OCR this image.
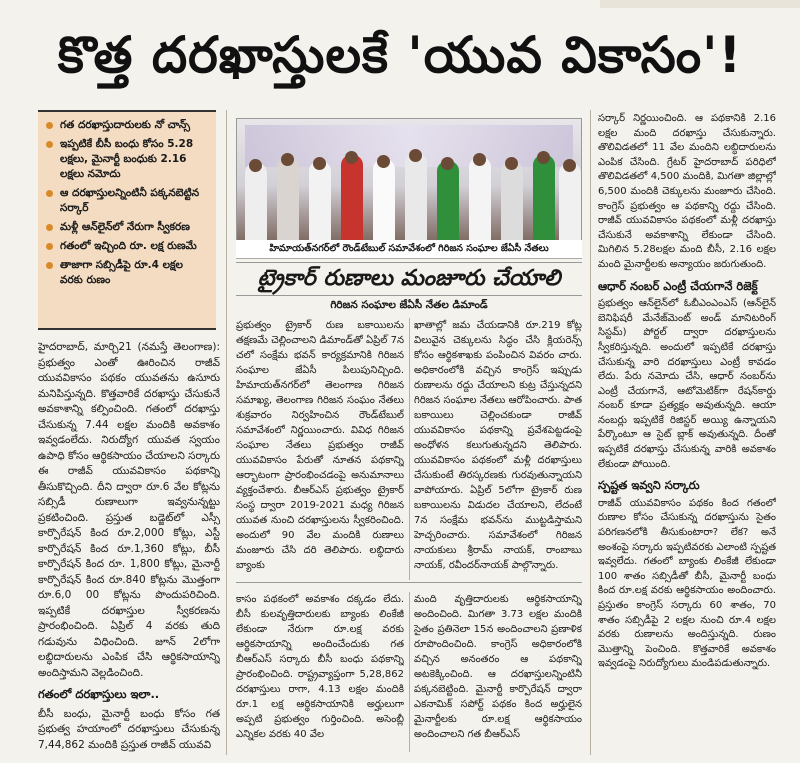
కొత్త దరఖాస్తులకే 'యువ వికాసం'!
గత దరఖాస్తుదారులకు నో చాన్స్
ఇప్పటికే బీసీ బంధు కోసం 5.28 లక్షలు, మైనార్టీ బంధుకు 2.16 లక్షలు నమోదు
ఆ దరఖాస్తులన్నింటినీ పక్కనబెట్టిన సర్కార్
మళ్లీ ఆన్‌లైన్‌లో నేరుగా స్వీకరణ
గతంలో ఇచ్చింది రూ. లక్ష రుణమే
తాజాగా సబ్సిడీపై రూ.4 లక్షల వరకు రుణం

హైదరాబాద్, మార్చి21 (నమస్తే తెలంగాణ): ప్రభుత్వం ఎంతో ఊరించిన రాజీవ్ యువవికాసం పథకం యువతను ఉసూరు మనిపిస్తున్నది. కొత్తవారికే దరఖాస్తు చేసుకునే అవకాశాన్ని కల్పించింది. గతంలో దరఖాస్తు చేసుకున్న 7.44 లక్షల మందికి అవకాశం ఇవ్వడంలేదు. నిరుద్యోగ యువత స్వయం ఉపాధి కోసం ఆర్థికసాయం చేయాలని సర్కారు ఈ రాజీవ్ యువవికాసం పథకాన్ని తీసుకొచ్చింది. దీని ద్వారా రూ.6 వేల కోట్లను సబ్సిడీ రుణాలుగా ఇవ్వనున్నట్టు ప్రకటించింది. ప్రస్తుత బడ్జెట్‌లో ఎస్సీ కార్పొరేషన్ కింద రూ.2,000 కోట్లు, ఎస్టీ కార్పొరేషన్ కింద రూ.1,360 కోట్లు, బీసీ కార్పొరేషన్ కింద రూ. 1,800 కోట్లు, మైనార్టీ కార్పొరేషన్ కింద రూ.840 కోట్లను మొత్తంగా రూ.6,0 00 కోట్లను పొందుపరిచింది. ఇప్పటికే దరఖాస్తుల స్వీకరణను ప్రారంభించింది. ఏప్రిల్ 4 వరకు తుది గడువును విధించింది. జూన్ 2లోగా లబ్ధిదారులను ఎంపిక చేసి ఆర్థికసాయాన్ని అందిస్తామని వెల్లడించింది.

గతంలో దరఖాస్తులు ఇలా..

బీసీ బంధు, మైనార్టీ బంధు కోసం గత ప్రభుత్వ హయాంలో దరఖాస్తులు చేసుకున్న 7,44,862 మందికి ప్రస్తుత రాజీవ్ యువవి

హిమాయత్‌నగర్‌లో రౌండ్‌టేబుల్ సమావేశంలో గిరిజన సంఘాల జేఏసీ నేతలు
ట్రైకార్ రుణాలు మంజూరు చేయాలి
గిరిజన సంఘాల జేఏసీ నేతల డిమాండ్

ప్రభుత్వం ట్రైకార్ రుణ బకాయిలను తక్షణమే చెల్లించాలని డిమాండ్‌తో ఏప్రిల్ 7న చలో సంక్షేమ భవన్ కార్యక్రమానికి గిరిజన సంఘాల జేఏసీ పిలుపునిచ్చింది. హిమాయత్‌నగర్‌లో తెలంగాణ గిరిజన సమాఖ్య, తెలంగాణ గిరిజన సంఘం నేతలు శుక్రవారం నిర్వహించిన రౌండ్‌టేబుల్ సమావేశంలో నిర్ణయించారు. వివిధ గిరిజన సంఘాల నేతలు ప్రభుత్వం రాజీవ్ యువవికాసం పేరుతో నూతన పథకాన్ని ఆర్భాటంగా ప్రారంభించడంపై అనుమానాలు వ్యక్తంచేశారు. బీఆర్‌ఎస్ ప్రభుత్వం ట్రైకార్ సంస్థ ద్వారా 2019-2021 మధ్య గిరిజన యువత నుంచి దరఖాస్తులను స్వీకరించింది. అందులో 90 వేల మందికి రుణాలు మంజూరు చేసి దరి తెలిపారు. లబ్ధిదారు బ్యాంకు

ఖాతాల్లో జమ చేయడానికి రూ.219 కోట్ల విలువైన చెక్కులను సిద్ధం చేసి క్లియరెన్స్ కోసం ఆర్థికశాఖకు పంపించిన వివరం చారు. అధికారంలోకి వచ్చిన కాంగ్రెస్ ఇప్పుడు రుణాలను రద్దు చేయాలని కుట్ర చేస్తున్నదని గిరిజన సంఘాల నేతలు ఆరోపించారు. పాత బకాయిలు చెల్లించకుండా రాజీవ్ యువవికాసం పథకాన్ని ప్రవేశపెట్టడంపై అంధోళన కలుగుతున్నదని తెలిపారు. యువవికాసం పథకంలో మళ్లీ దరఖాస్తులు చేసుకుంటే తిరస్కరణకు గురవుతున్నాయని వాపోయారు. ఏప్రిల్ 5లోగా ట్రైకార్ రుణ బకాయిలను విడుదల చేయాలని, లేదంటే 7న సంక్షేమ భవన్‌ను ముట్టడిస్తామని హెచ్చరించారు. సమావేశంలో గిరిజన నాయకులు శ్రీరామ్ నాయక్, రాంబాబు నాయక్, రవీందర్‌నాయక్ పాల్గొన్నారు.

కాసం పథకంలో అవకాశం దక్కడం లేదు. బీసీ కులవృత్తిదారులకు బ్యాంకు లింకేజీ లేకుండా నేరుగా రూ.లక్ష వరకు ఆర్థికసాయాన్ని అందించేందుకు గత బీఆర్‌ఎస్ సర్కారు బీసీ బంధు పథకాన్ని ప్రారంభించింది. రాష్ట్రవ్యాప్తంగా 5,28,862 దరఖాస్తులు రాగా, 4.13 లక్షల మందికి రూ.1 లక్ష ఆర్థికసాయానికి అర్హులుగా అప్పటి ప్రభుత్వం గుర్తించింది. అసెంబ్లీ ఎన్నికల వరకు 40 వేల

మంది వృత్తిదారులకు ఆర్థికసాయాన్ని అందించింది. మిగతా 3.73 లక్షల మందికి సైతం ప్రతినెలా 15న అందించాలని ప్రణాళిక రూపొందించింది. కాంగ్రెస్ అధికారంలోకి వచ్చిన అనంతరం ఆ పథకాన్ని అటకెక్కించింది. ఆ దరఖాస్తులన్నింటినీ పక్కనబెట్టింది. మైనార్టీ కార్పొరేషన్ ద్వారా ఎకనామిక్ సపోర్ట్ పథకం కింద అర్హులైన మైనార్టీలకు రూ.లక్ష ఆర్థికసాయం అందించాలని గత బీఆర్‌ఎస్

సర్కార్ నిర్ణయించింది. ఆ పథకానికి 2.16 లక్షల మంది దరఖాస్తు చేసుకున్నారు. తొలివిడతలో 11 వేల మందిని లబ్ధిదారులను ఎంపిక చేసింది. గ్రేటర్ హైదరాబాద్ పరిధిలో తొలివిడతలో 4,500 మందికి, మిగతా జిల్లాల్లో 6,500 మందికి చెక్కులను మంజూరు చేసింది. కాంగ్రెస్ ప్రభుత్వం ఆ పథకాన్ని రద్దు చేసింది. రాజీవ్ యువవికాసం పథకంలో మళ్లీ దరఖాస్తు చేసుకునే అవకాశాన్ని లేకుండా చేసింది. మిగిలిన 5.28లక్షల మంది బీసీ, 2.16 లక్షల మంది మైనార్టీలకు అన్యాయం జరుగుతుంది.

ఆధార్ నంబర్ ఎంట్రీ చేయగానే రిజెక్ట్

ప్రభుత్వం ఆన్‌లైన్‌లో ఓబీఎంఎంఎస్ (ఆన్‌లైన్ బెనిఫిషరీ మేనేజ్‌మెంట్ అండ్ మానిటరింగ్ సిస్టమ్) పోర్టల్ ద్వారా దరఖాస్తులను స్వీకరిస్తున్నది. అందులో ఇప్పటికే దరఖాస్తు చేసుకున్న వారి దరఖాస్తులు ఎంట్రీ కావడం లేదు. పేరు నమోదు చేసి, ఆధార్ నంబర్‌ను ఎంట్రీ చేయగానే, ఆటోమెటిక్‌గా రేషన్‌కార్డు నంబర్ కూడా ప్రత్యక్షం అవుతున్నది. ఆయా నంబర్లు ఇప్పటికే రిజిస్టర్ అయ్యి ఉన్నాయని పేర్కొంటూ ఆ సైట్ బ్లాక్ అవుతున్నది. దీంతో ఇప్పటికే దరఖాస్తు చేసుకున్న వారికి అవకాశం లేకుండా పోయింది.

స్పష్టత ఇవ్వని సర్కారు

రాజీవ్ యువవికాసం పథకం కింద గతంలో రుణాల కోసం చేసుకున్న దరఖాస్తును సైతం పరిగణనలోకి తీసుకుంటారా? లేక? అనే అంశంపై సర్కారు ఇప్పటివరకు ఎలాంటి స్పష్టత ఇవ్వలేదు. గతంలో బ్యాంకు లింకేజీ లేకుండా 100 శాతం సబ్సిడీతో బీసీ, మైనార్టీ బంధు కింద రూ.లక్ష వరకు ఆర్థికసాయం అందించారు. ప్రస్తుతం కాంగ్రెస్ సర్కారు 60 శాతం, 70 శాతం సబ్సిడీపై 2 లక్షల నుంచి రూ.4 లక్షల వరకు రుణాలను అందిస్తున్నది. రుణం మొత్తాన్ని పెంచింది. కొత్తవారికే అవకాశం ఇవ్వడంపై నిరుద్యోగులు మండిపడుతున్నారు.
